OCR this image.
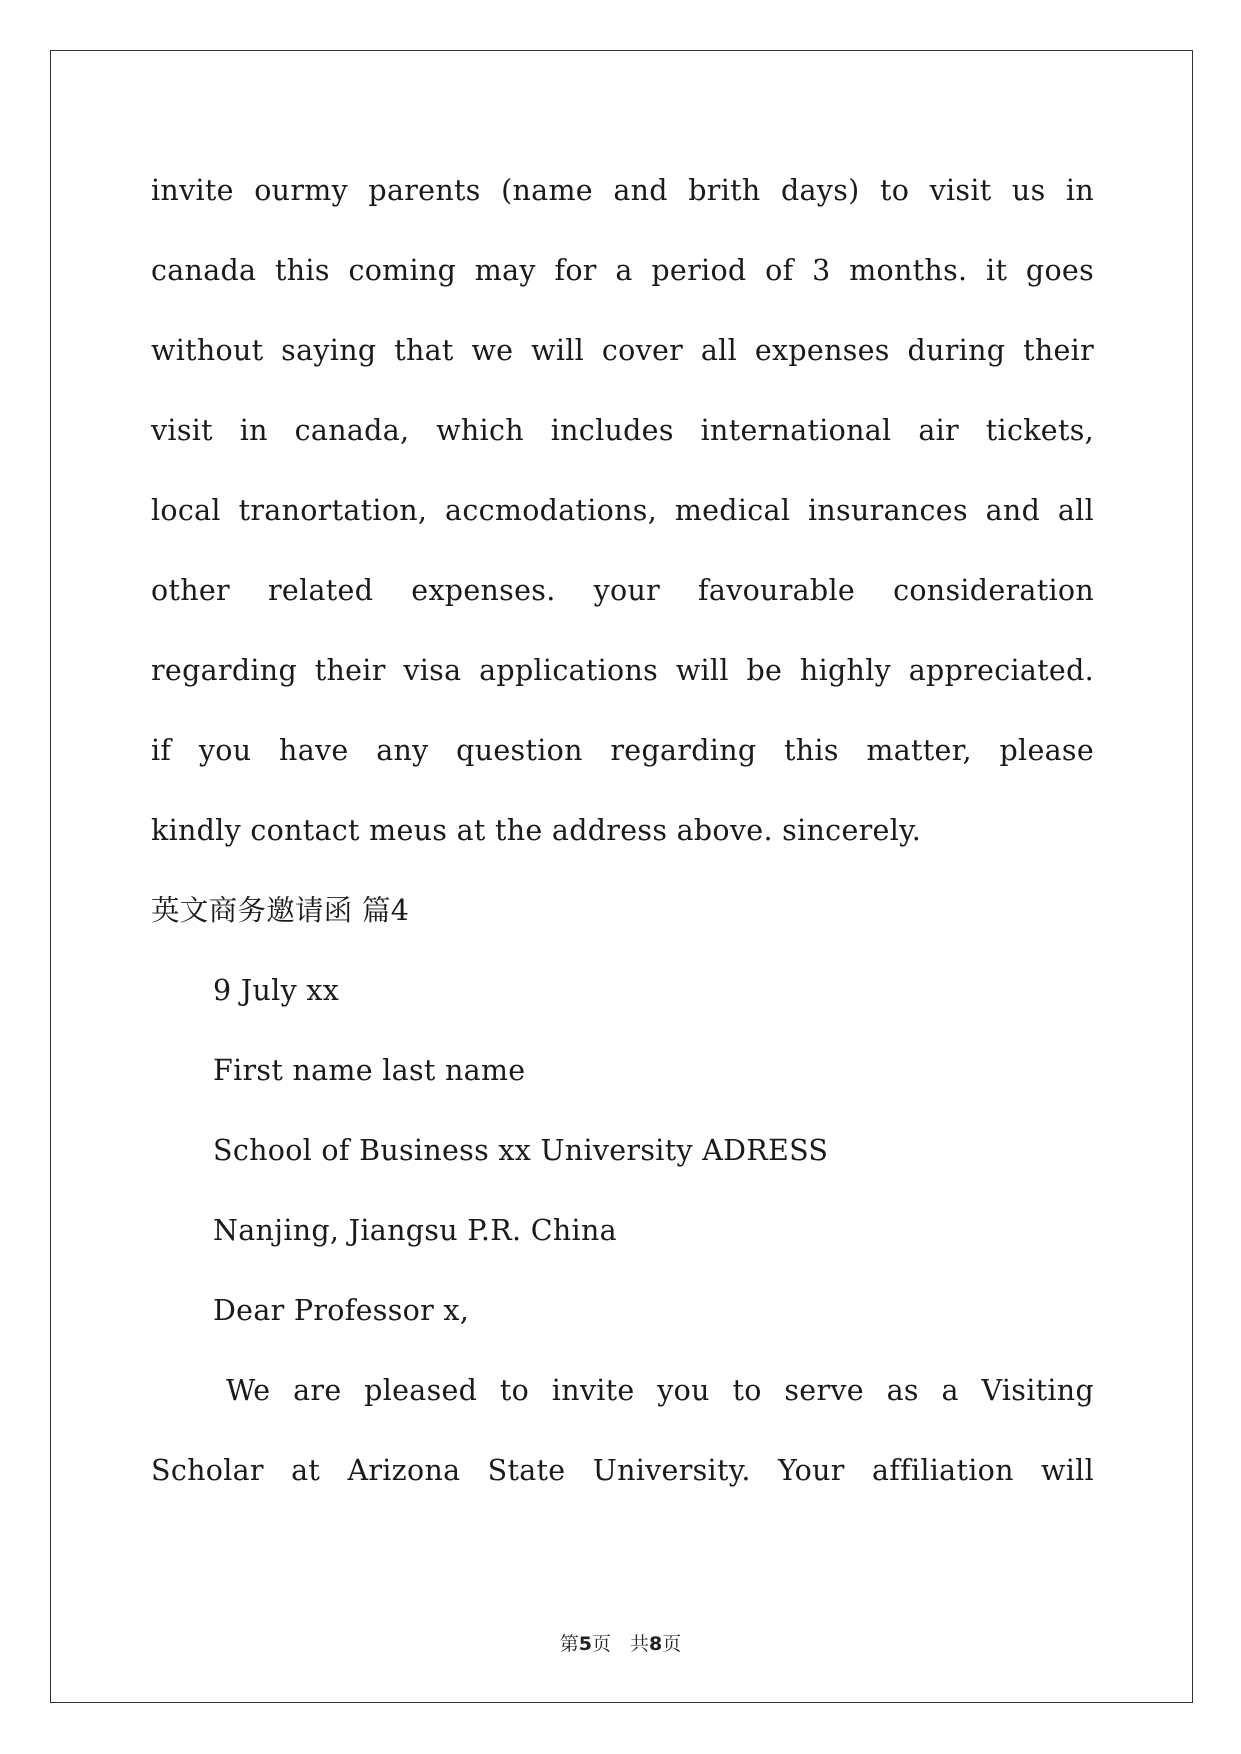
invite ourmy parents (name and brith days) to visit us in
canada this coming may for a period of 3 months. it goes
without saying that we will cover all expenses during their
visit in canada, which includes international air tickets,
local tranortation, accmodations, medical insurances and all
other related expenses. your favourable consideration
regarding their visa applications will be highly appreciated.
if you have any question regarding this matter, please
kindly contact meus at the address above. sincerely.
英文商务邀请函 篇4
9 July xx
First name last name
School of Business xx University ADRESS
Nanjing, Jiangsu P.R. China
Dear Professor x,
We are pleased to invite you to serve as a Visiting
Scholar at Arizona State University. Your affiliation will
第5页　共8页
